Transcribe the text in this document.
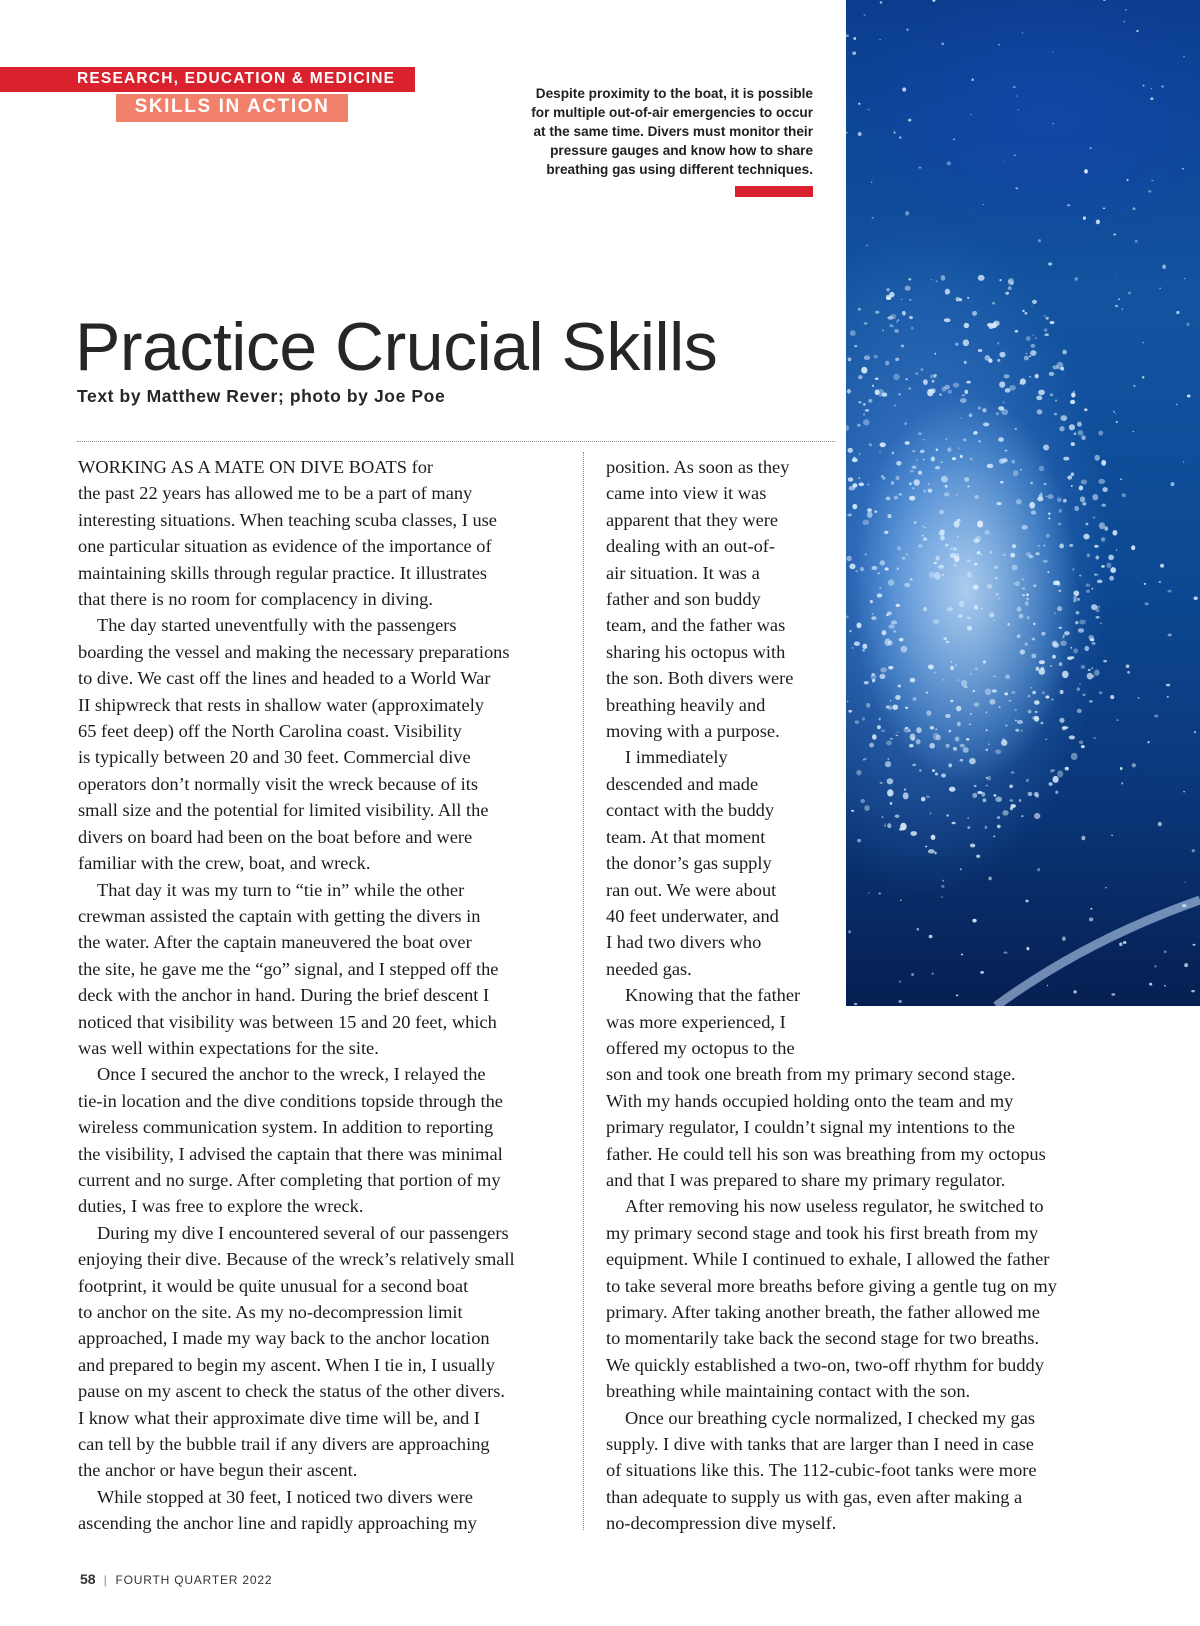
RESEARCH, EDUCATION & MEDICINE
SKILLS IN ACTION
Despite proximity to the boat, it is possible
for multiple out-of-air emergencies to occur
at the same time. Divers must monitor their
pressure gauges and know how to share
breathing gas using different techniques.
Practice Crucial Skills
Text by Matthew Rever; photo by Joe Poe
WORKING AS A MATE ON DIVE BOATS for
the past 22 years has allowed me to be a part of many
interesting situations. When teaching scuba classes, I use
one particular situation as evidence of the importance of
maintaining skills through regular practice. It illustrates
that there is no room for complacency in diving.
The day started uneventfully with the passengers
boarding the vessel and making the necessary preparations
to dive. We cast off the lines and headed to a World War
II shipwreck that rests in shallow water (approximately
65 feet deep) off the North Carolina coast. Visibility
is typically between 20 and 30 feet. Commercial dive
operators don’t normally visit the wreck because of its
small size and the potential for limited visibility. All the
divers on board had been on the boat before and were
familiar with the crew, boat, and wreck.
That day it was my turn to “tie in” while the other
crewman assisted the captain with getting the divers in
the water. After the captain maneuvered the boat over
the site, he gave me the “go” signal, and I stepped off the
deck with the anchor in hand. During the brief descent I
noticed that visibility was between 15 and 20 feet, which
was well within expectations for the site.
Once I secured the anchor to the wreck, I relayed the
tie-in location and the dive conditions topside through the
wireless communication system. In addition to reporting
the visibility, I advised the captain that there was minimal
current and no surge. After completing that portion of my
duties, I was free to explore the wreck.
During my dive I encountered several of our passengers
enjoying their dive. Because of the wreck’s relatively small
footprint, it would be quite unusual for a second boat
to anchor on the site. As my no-decompression limit
approached, I made my way back to the anchor location
and prepared to begin my ascent. When I tie in, I usually
pause on my ascent to check the status of the other divers.
I know what their approximate dive time will be, and I
can tell by the bubble trail if any divers are approaching
the anchor or have begun their ascent.
While stopped at 30 feet, I noticed two divers were
ascending the anchor line and rapidly approaching my
position. As soon as they
came into view it was
apparent that they were
dealing with an out-of-
air situation. It was a
father and son buddy
team, and the father was
sharing his octopus with
the son. Both divers were
breathing heavily and
moving with a purpose.
I immediately
descended and made
contact with the buddy
team. At that moment
the donor’s gas supply
ran out. We were about
40 feet underwater, and
I had two divers who
needed gas.
Knowing that the father
was more experienced, I
offered my octopus to the
son and took one breath from my primary second stage.
With my hands occupied holding onto the team and my
primary regulator, I couldn’t signal my intentions to the
father. He could tell his son was breathing from my octopus
and that I was prepared to share my primary regulator.
After removing his now useless regulator, he switched to
my primary second stage and took his first breath from my
equipment. While I continued to exhale, I allowed the father
to take several more breaths before giving a gentle tug on my
primary. After taking another breath, the father allowed me
to momentarily take back the second stage for two breaths.
We quickly established a two-on, two-off rhythm for buddy
breathing while maintaining contact with the son.
Once our breathing cycle normalized, I checked my gas
supply. I dive with tanks that are larger than I need in case
of situations like this. The 112-cubic-foot tanks were more
than adequate to supply us with gas, even after making a
no-decompression dive myself.
58 | FOURTH QUARTER 2022
